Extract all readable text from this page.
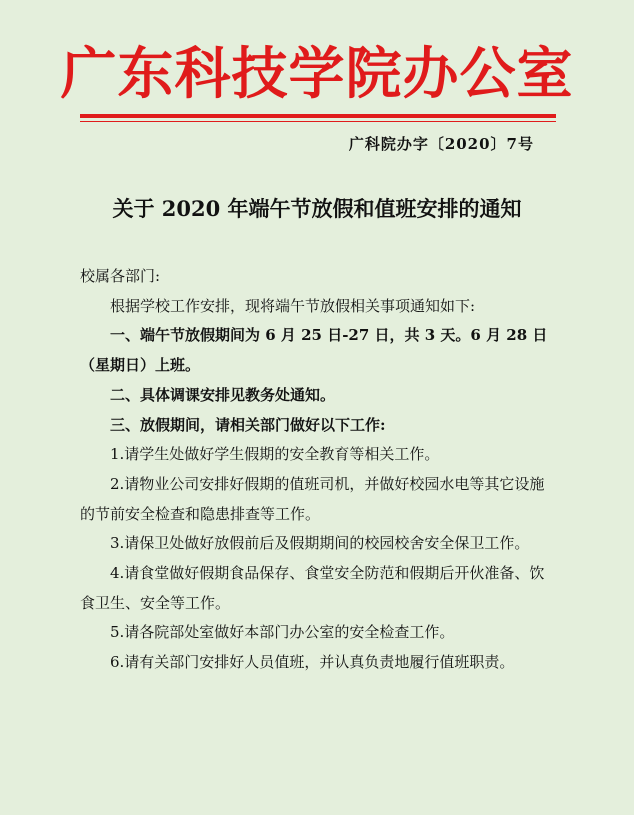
广东科技学院办公室
广科院办字〔2020〕7号
关于 2020 年端午节放假和值班安排的通知

校属各部门:

根据学校工作安排，现将端午节放假相关事项通知如下:

一、端午节放假期间为 6 月 25 日-27 日，共 3 天。6 月 28 日（星期日）上班。

二、具体调课安排见教务处通知。

三、放假期间，请相关部门做好以下工作:

1.请学生处做好学生假期的安全教育等相关工作。

2.请物业公司安排好假期的值班司机，并做好校园水电等其它设施的节前安全检查和隐患排查等工作。

3.请保卫处做好放假前后及假期期间的校园校舍安全保卫工作。

4.请食堂做好假期食品保存、食堂安全防范和假期后开伙准备、饮食卫生、安全等工作。

5.请各院部处室做好本部门办公室的安全检查工作。

6.请有关部门安排好人员值班，并认真负责地履行值班职责。
